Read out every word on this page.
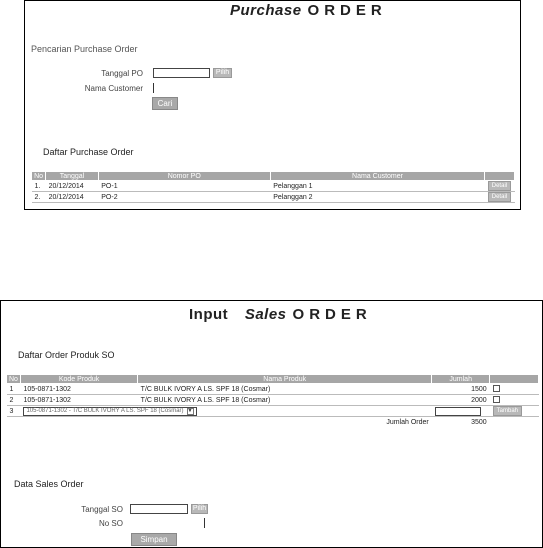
Purchase ORDER
Pencarian Purchase Order
Tanggal PO	Pilih
Nama Customer
Cari
Daftar Purchase Order
No	Tanggal	Nomor PO	Nama Customer	
1.	20/12/2014	PO-1	Pelanggan 1	Detail
2.	20/12/2014	PO-2	Pelanggan 2	Detail
Input Sales ORDER
Daftar Order Produk SO
No	Kode Produk	Nama Produk	Jumlah	
1	105-0871-1302	T/C BULK IVORY A LS. SPF 18 (Cosmar)	1500	
2	105-0871-1302	T/C BULK IVORY A LS. SPF 18 (Cosmar)	2000	
3	105-0871-1302 - T/C BULK IVORY A LS. SPF 18 (Cosmar) ▼			Tambah
		Jumlah Order	3500	
Data Sales Order
Tanggal SO	Pilih
No SO
Simpan
